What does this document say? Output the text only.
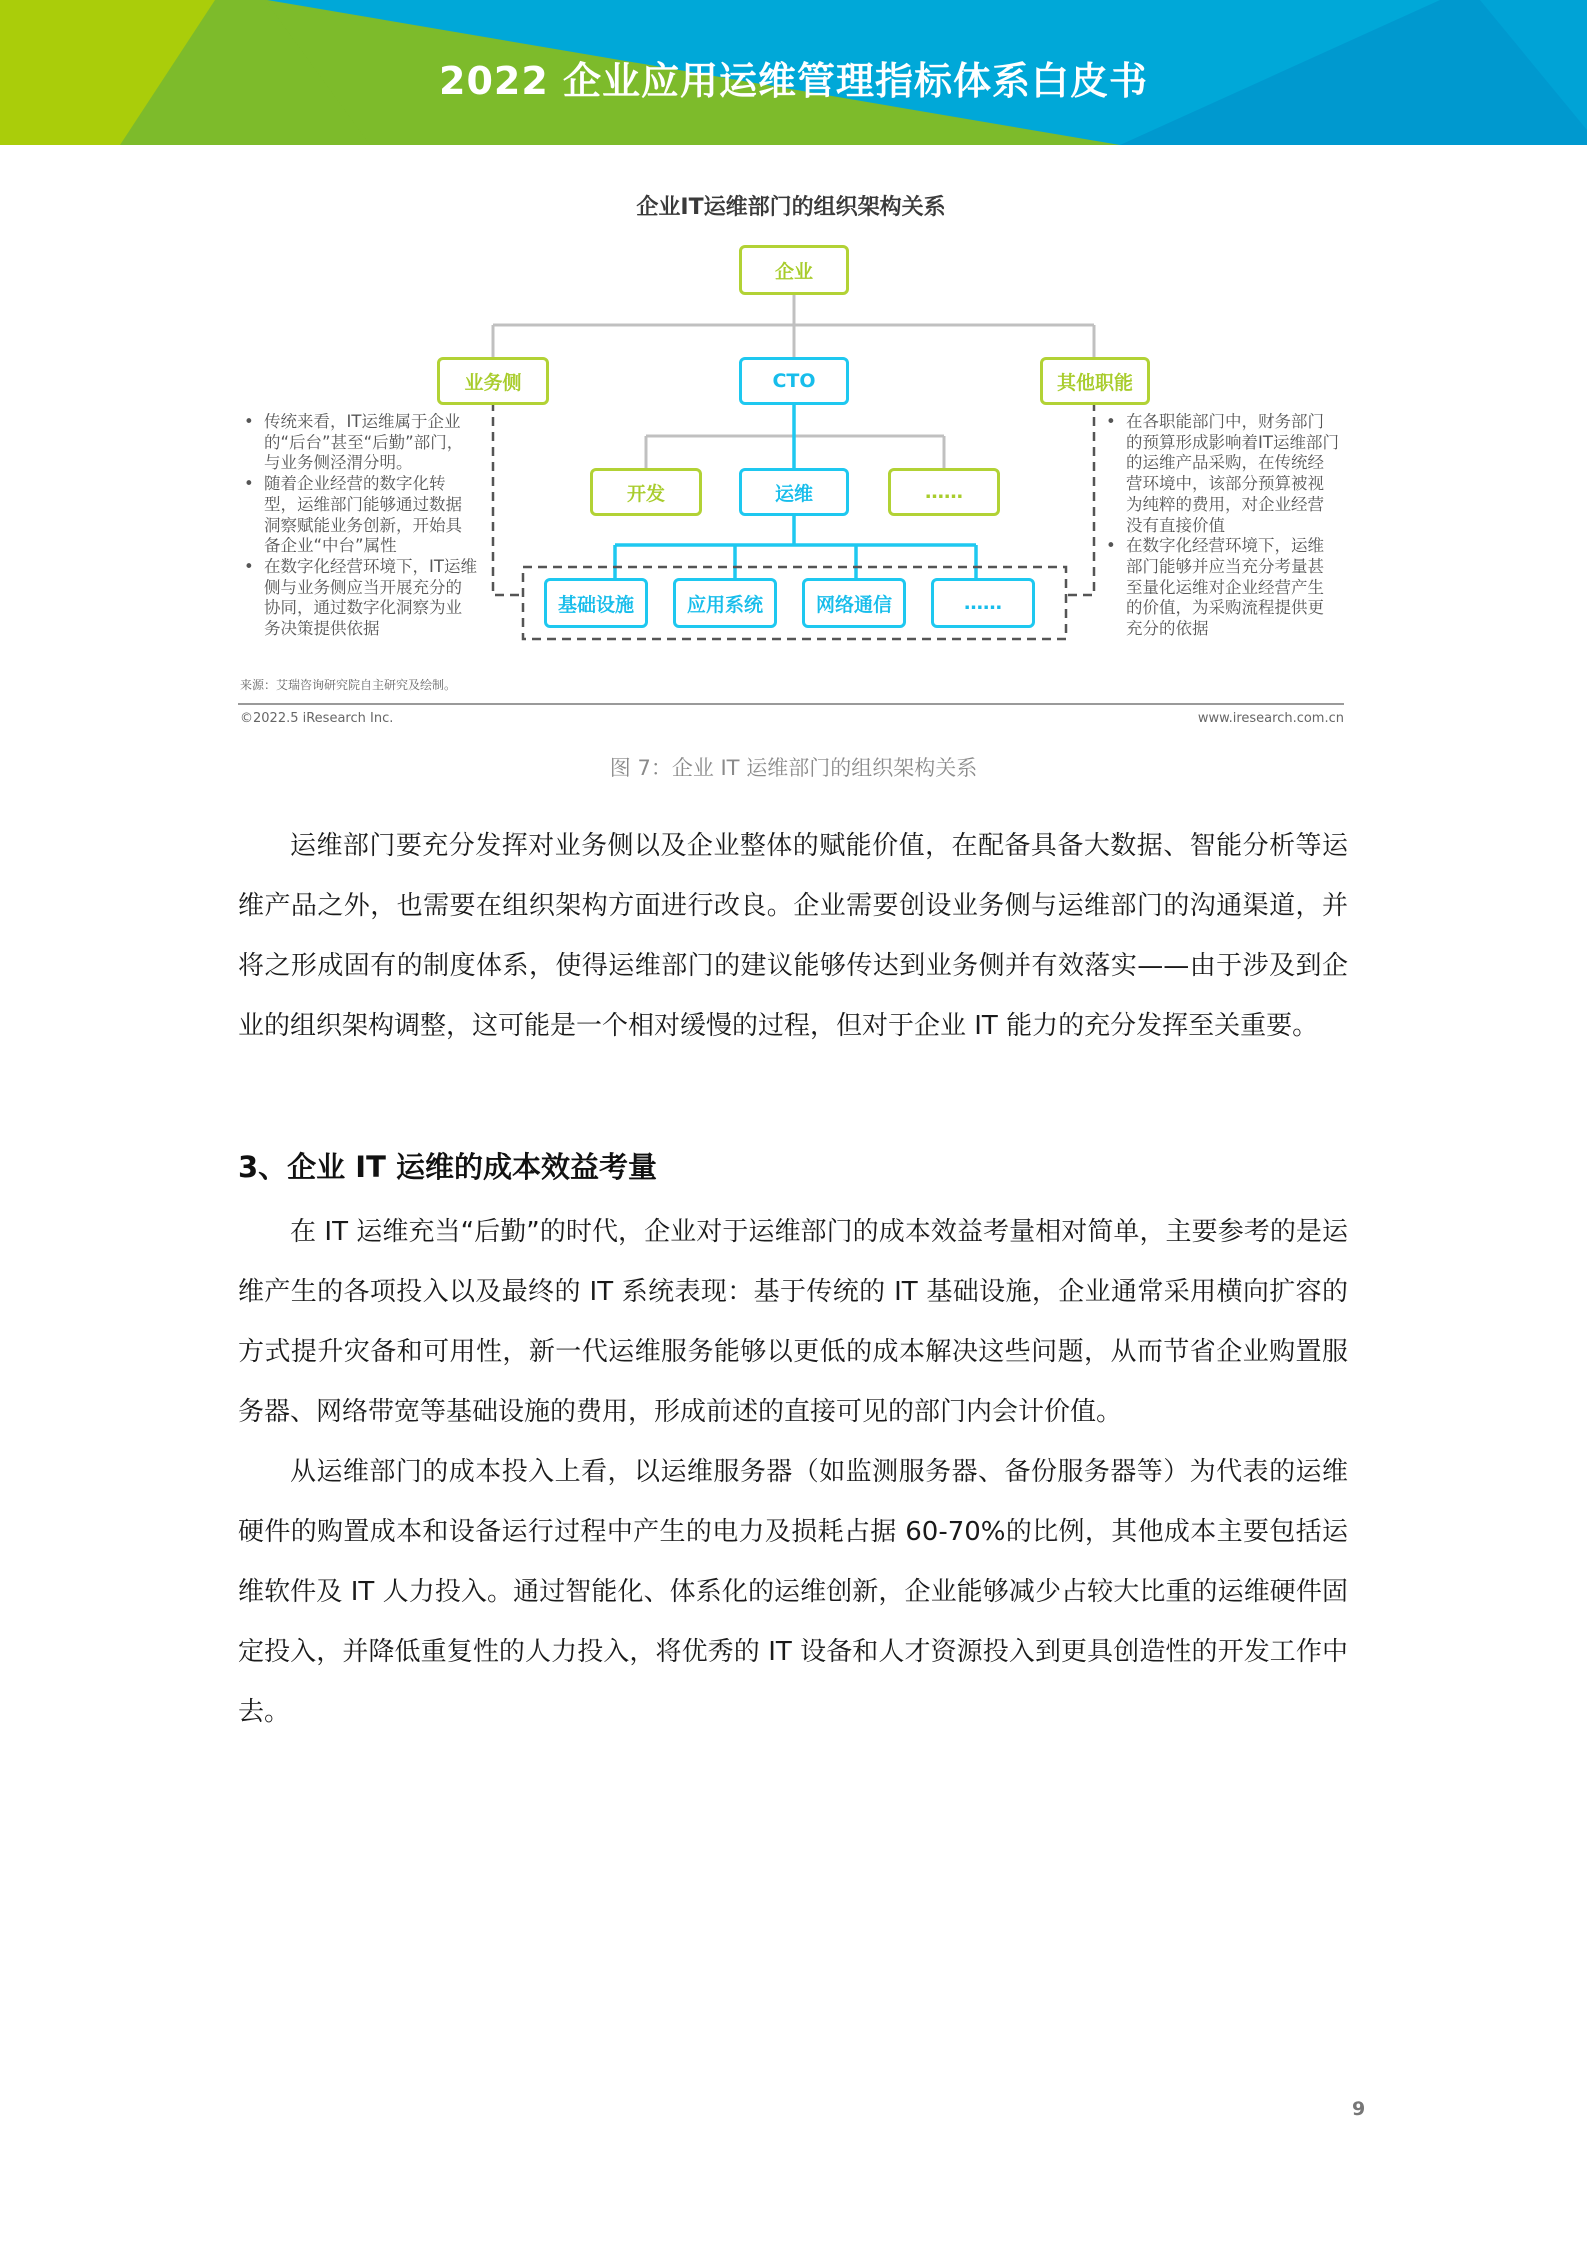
2022 企业应用运维管理指标体系白皮书
企业IT运维部门的组织架构关系
企业
业务侧	CTO	其他职能
开发	运维	……
基础设施	应用系统	网络通信	……
• 传统来看，IT运维属于企业的“后台”甚至“后勤”部门，与业务侧泾渭分明。
• 随着企业经营的数字化转型，运维部门能够通过数据洞察赋能业务创新，开始具备企业“中台”属性
• 在数字化经营环境下，IT运维侧与业务侧应当开展充分的协同，通过数字化洞察为业务决策提供依据
• 在各职能部门中，财务部门的预算形成影响着IT运维部门的运维产品采购，在传统经营环境中，该部分预算被视为纯粹的费用，对企业经营没有直接价值
• 在数字化经营环境下，运维部门能够并应当充分考量甚至量化运维对企业经营产生的价值，为采购流程提供更充分的依据
来源：艾瑞咨询研究院自主研究及绘制。
©2022.5 iResearch Inc.	www.iresearch.com.cn
图 7：企业 IT 运维部门的组织架构关系

运维部门要充分发挥对业务侧以及企业整体的赋能价值，在配备具备大数据、智能分析等运维产品之外，也需要在组织架构方面进行改良。企业需要创设业务侧与运维部门的沟通渠道，并将之形成固有的制度体系，使得运维部门的建议能够传达到业务侧并有效落实——由于涉及到企业的组织架构调整，这可能是一个相对缓慢的过程，但对于企业 IT 能力的充分发挥至关重要。

3、企业 IT 运维的成本效益考量

在 IT 运维充当“后勤”的时代，企业对于运维部门的成本效益考量相对简单，主要参考的是运维产生的各项投入以及最终的 IT 系统表现：基于传统的 IT 基础设施，企业通常采用横向扩容的方式提升灾备和可用性，新一代运维服务能够以更低的成本解决这些问题，从而节省企业购置服务器、网络带宽等基础设施的费用，形成前述的直接可见的部门内会计价值。

从运维部门的成本投入上看，以运维服务器（如监测服务器、备份服务器等）为代表的运维硬件的购置成本和设备运行过程中产生的电力及损耗占据 60-70%的比例，其他成本主要包括运维软件及 IT 人力投入。通过智能化、体系化的运维创新，企业能够减少占较大比重的运维硬件固定投入，并降低重复性的人力投入，将优秀的 IT 设备和人才资源投入到更具创造性的开发工作中去。

9
